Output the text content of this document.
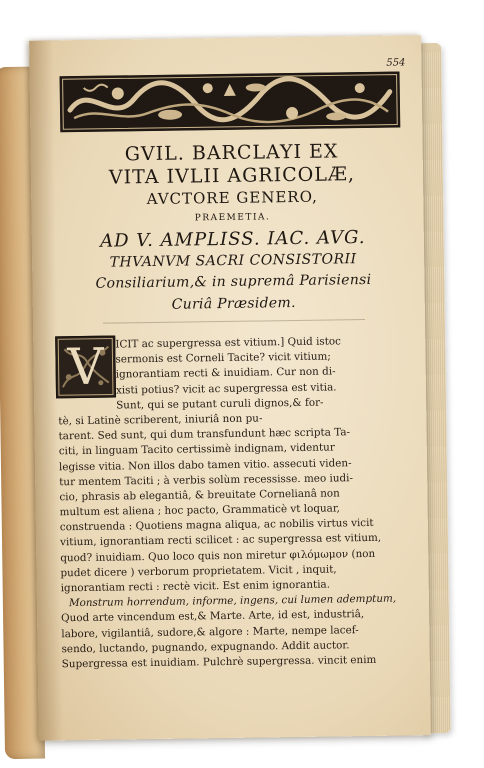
554
GVIL. BARCLAYI EX
VITA IVLII AGRICOLÆ,
AVCTORE GENERO,
PRAEMETIA.
AD V. AMPLISS. IAC. AVG.
THVANVM SACRI CONSISTORII
Consiliarium,& in supremâ Parisiensi
Curiâ Præsidem.
V	ICIT ac supergressa est vitium.] Quid istoc
sermonis est Corneli Tacite? vicit vitium;
ignorantiam recti & inuidiam. Cur non di-
xisti potius? vicit ac supergressa est vitia.
Sunt, qui se putant curuli dignos,& for-
tè, si Latinè scriberent, iniuriâ non pu-
tarent. Sed sunt, qui dum transfundunt hæc scripta Ta-
citi, in linguam Tacito certissimè indignam, videntur
legisse vitia. Non illos dabo tamen vitio. assecuti viden-
tur mentem Taciti ; à verbis solùm recessisse. meo iudi-
cio, phrasis ab elegantiâ, & breuitate Cornelianâ non
multum est aliena ; hoc pacto, Grammaticè vt loquar,
construenda : Quotiens magna aliqua, ac nobilis virtus vicit
vitium, ignorantiam recti scilicet : ac supergressa est vitium,
quod? inuidiam. Quo loco quis non miretur φιλόμωμον (non
pudet dicere ) verborum proprietatem. Vicit , inquit,
ignorantiam recti : rectè vicit. Est enim ignorantia.
Monstrum horrendum, informe, ingens, cui lumen ademptum,
Quod arte vincendum est,& Marte. Arte, id est, industriâ,
labore, vigilantiâ, sudore,& algore : Marte, nempe lacef-
sendo, luctando, pugnando, expugnando. Addit auctor.
Supergressa est inuidiam. Pulchrè supergressa. vincit enim
